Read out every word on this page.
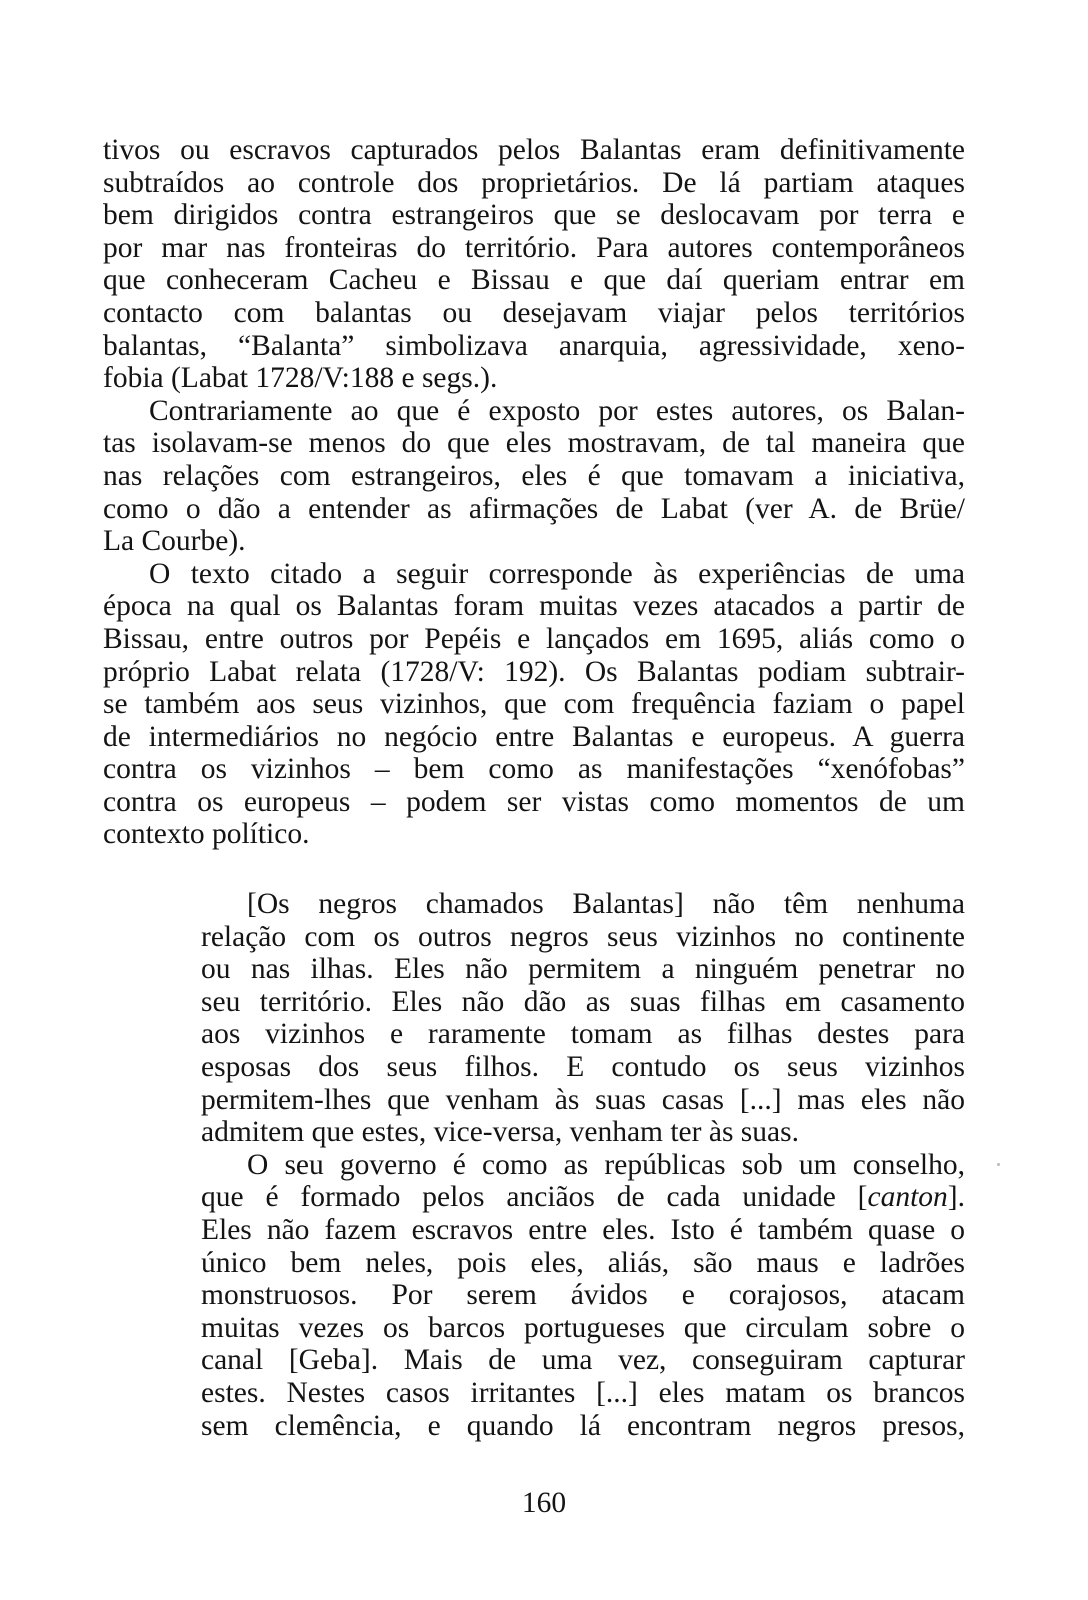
tivos ou escravos capturados pelos Balantas eram definitivamente
subtraídos ao controle dos proprietários. De lá partiam ataques
bem dirigidos contra estrangeiros que se deslocavam por terra e
por mar nas fronteiras do território. Para autores contemporâneos
que conheceram Cacheu e Bissau e que daí queriam entrar em
contacto com balantas ou desejavam viajar pelos territórios
balantas, “Balanta” simbolizava anarquia, agressividade, xeno-
fobia (Labat 1728/V:188 e segs.).
Contrariamente ao que é exposto por estes autores, os Balan-
tas isolavam-se menos do que eles mostravam, de tal maneira que
nas relações com estrangeiros, eles é que tomavam a iniciativa,
como o dão a entender as afirmações de Labat (ver A. de Brüe/
La Courbe).
O texto citado a seguir corresponde às experiências de uma
época na qual os Balantas foram muitas vezes atacados a partir de
Bissau, entre outros por Pepéis e lançados em 1695, aliás como o
próprio Labat relata (1728/V: 192). Os Balantas podiam subtrair-
se também aos seus vizinhos, que com frequência faziam o papel
de intermediários no negócio entre Balantas e europeus. A guerra
contra os vizinhos – bem como as manifestações “xenófobas”
contra os europeus – podem ser vistas como momentos de um
contexto político.
[Os negros chamados Balantas] não têm nenhuma
relação com os outros negros seus vizinhos no continente
ou nas ilhas. Eles não permitem a ninguém penetrar no
seu território. Eles não dão as suas filhas em casamento
aos vizinhos e raramente tomam as filhas destes para
esposas dos seus filhos. E contudo os seus vizinhos
permitem-lhes que venham às suas casas [...] mas eles não
admitem que estes, vice-versa, venham ter às suas.
O seu governo é como as repúblicas sob um conselho,
que é formado pelos anciãos de cada unidade [canton].
Eles não fazem escravos entre eles. Isto é também quase o
único bem neles, pois eles, aliás, são maus e ladrões
monstruosos. Por serem ávidos e corajosos, atacam
muitas vezes os barcos portugueses que circulam sobre o
canal [Geba]. Mais de uma vez, conseguiram capturar
estes. Nestes casos irritantes [...] eles matam os brancos
sem clemência, e quando lá encontram negros presos,
160
